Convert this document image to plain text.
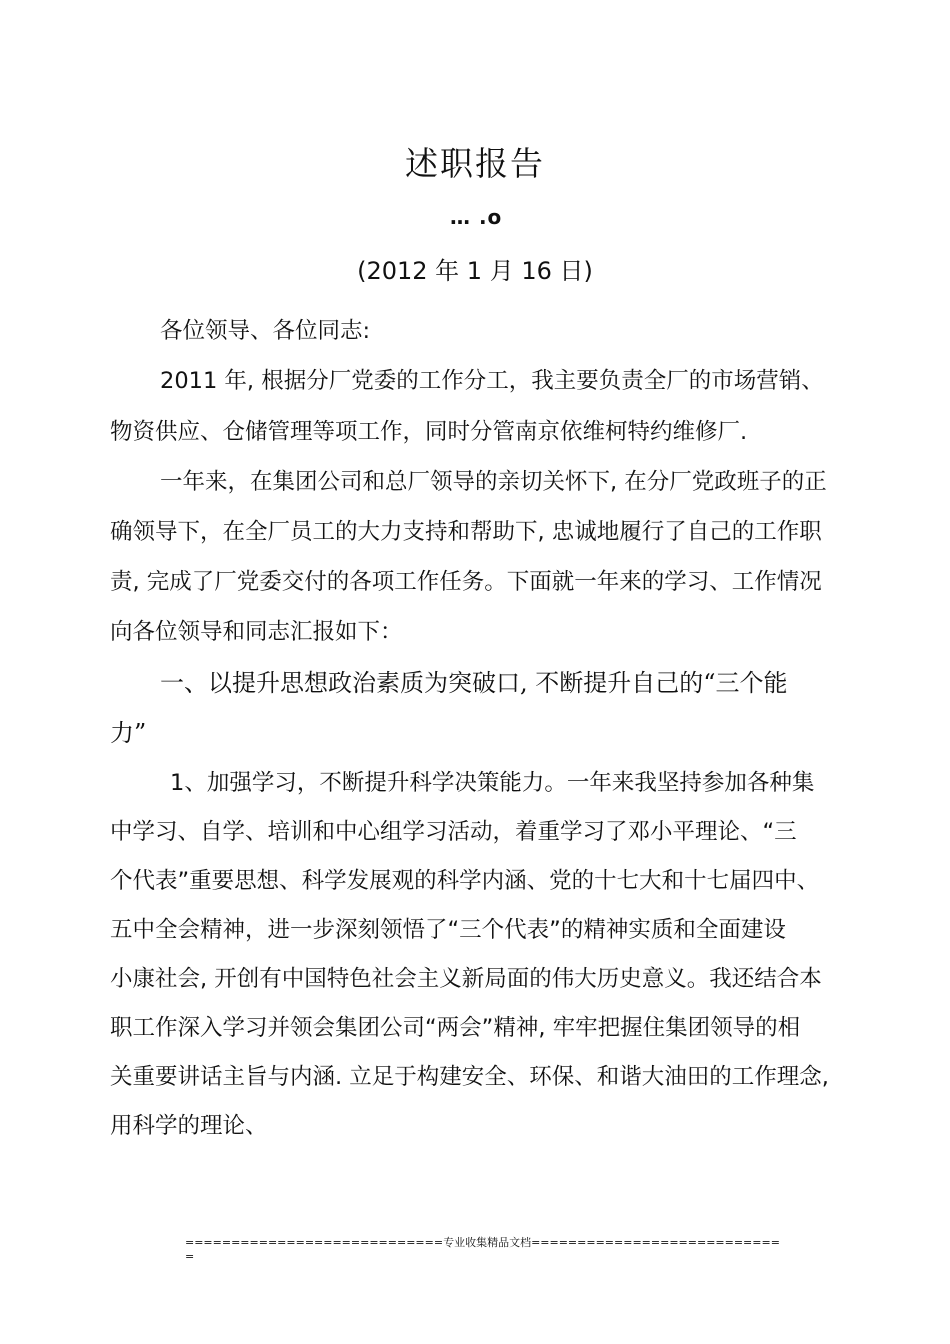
述职报告
… .o
(2012 年 1 月 16 日)
各位领导、各位同志:
2011 年, 根据分厂党委的工作分工，我主要负责全厂的市场营销、
物资供应、仓储管理等项工作，同时分管南京依维柯特约维修厂.
一年来，在集团公司和总厂领导的亲切关怀下, 在分厂党政班子的正
确领导下，在全厂员工的大力支持和帮助下, 忠诚地履行了自己的工作职
责, 完成了厂党委交付的各项工作任务。下面就一年来的学习、工作情况
向各位领导和同志汇报如下：
一、以提升思想政治素质为突破口, 不断提升自己的“三个能
力”
1、加强学习，不断提升科学决策能力。一年来我坚持参加各种集
中学习、自学、培训和中心组学习活动，着重学习了邓小平理论、“三
个代表”重要思想、科学发展观的科学内涵、党的十七大和十七届四中、
五中全会精神，进一步深刻领悟了“三个代表”的精神实质和全面建设
小康社会, 开创有中国特色社会主义新局面的伟大历史意义。我还结合本
职工作深入学习并领会集团公司“两会”精神, 牢牢把握住集团领导的相
关重要讲话主旨与内涵. 立足于构建安全、环保、和谐大油田的工作理念,
用科学的理论、
============================专业收集精品文档===========================
=
